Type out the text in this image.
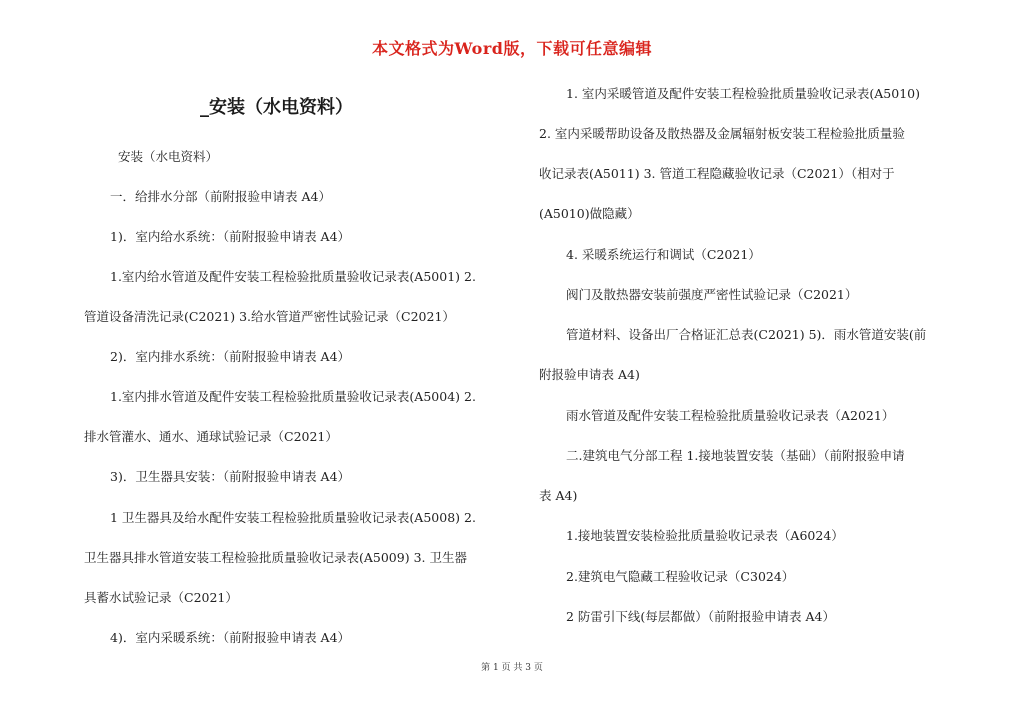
本文格式为Word版，下载可任意编辑
_安装（水电资料）
安装（水电资料）
一．给排水分部（前附报验申请表 A4）
1)．室内给水系统：（前附报验申请表 A4）
1.室内给水管道及配件安装工程检验批质量验收记录表(A5001) 2.
管道设备清洗记录(C2021) 3.给水管道严密性试验记录（C2021）
2)．室内排水系统：（前附报验申请表 A4）
1.室内排水管道及配件安装工程检验批质量验收记录表(A5004) 2.
排水管灌水、通水、通球试验记录（C2021）
3)．卫生器具安装：（前附报验申请表 A4）
1 卫生器具及给水配件安装工程检验批质量验收记录表(A5008) 2.
卫生器具排水管道安装工程检验批质量验收记录表(A5009) 3. 卫生器
具蓄水试验记录（C2021）
4)．室内采暖系统：（前附报验申请表 A4）
1. 室内采暖管道及配件安装工程检验批质量验收记录表(A5010)
2. 室内采暖帮助设备及散热器及金属辐射板安装工程检验批质量验
收记录表(A5011) 3. 管道工程隐藏验收记录（C2021）（相对于
(A5010)做隐藏）
4. 采暖系统运行和调试（C2021）
阀门及散热器安装前强度严密性试验记录（C2021）
管道材料、设备出厂合格证汇总表(C2021) 5)．雨水管道安装(前
附报验申请表 A4)
雨水管道及配件安装工程检验批质量验收记录表（A2021）
二.建筑电气分部工程 1.接地装置安装（基础）（前附报验申请
表 A4)
1.接地装置安装检验批质量验收记录表（A6024）
2.建筑电气隐藏工程验收记录（C3024）
2 防雷引下线(每层都做）（前附报验申请表 A4）
第 1 页 共 3 页
